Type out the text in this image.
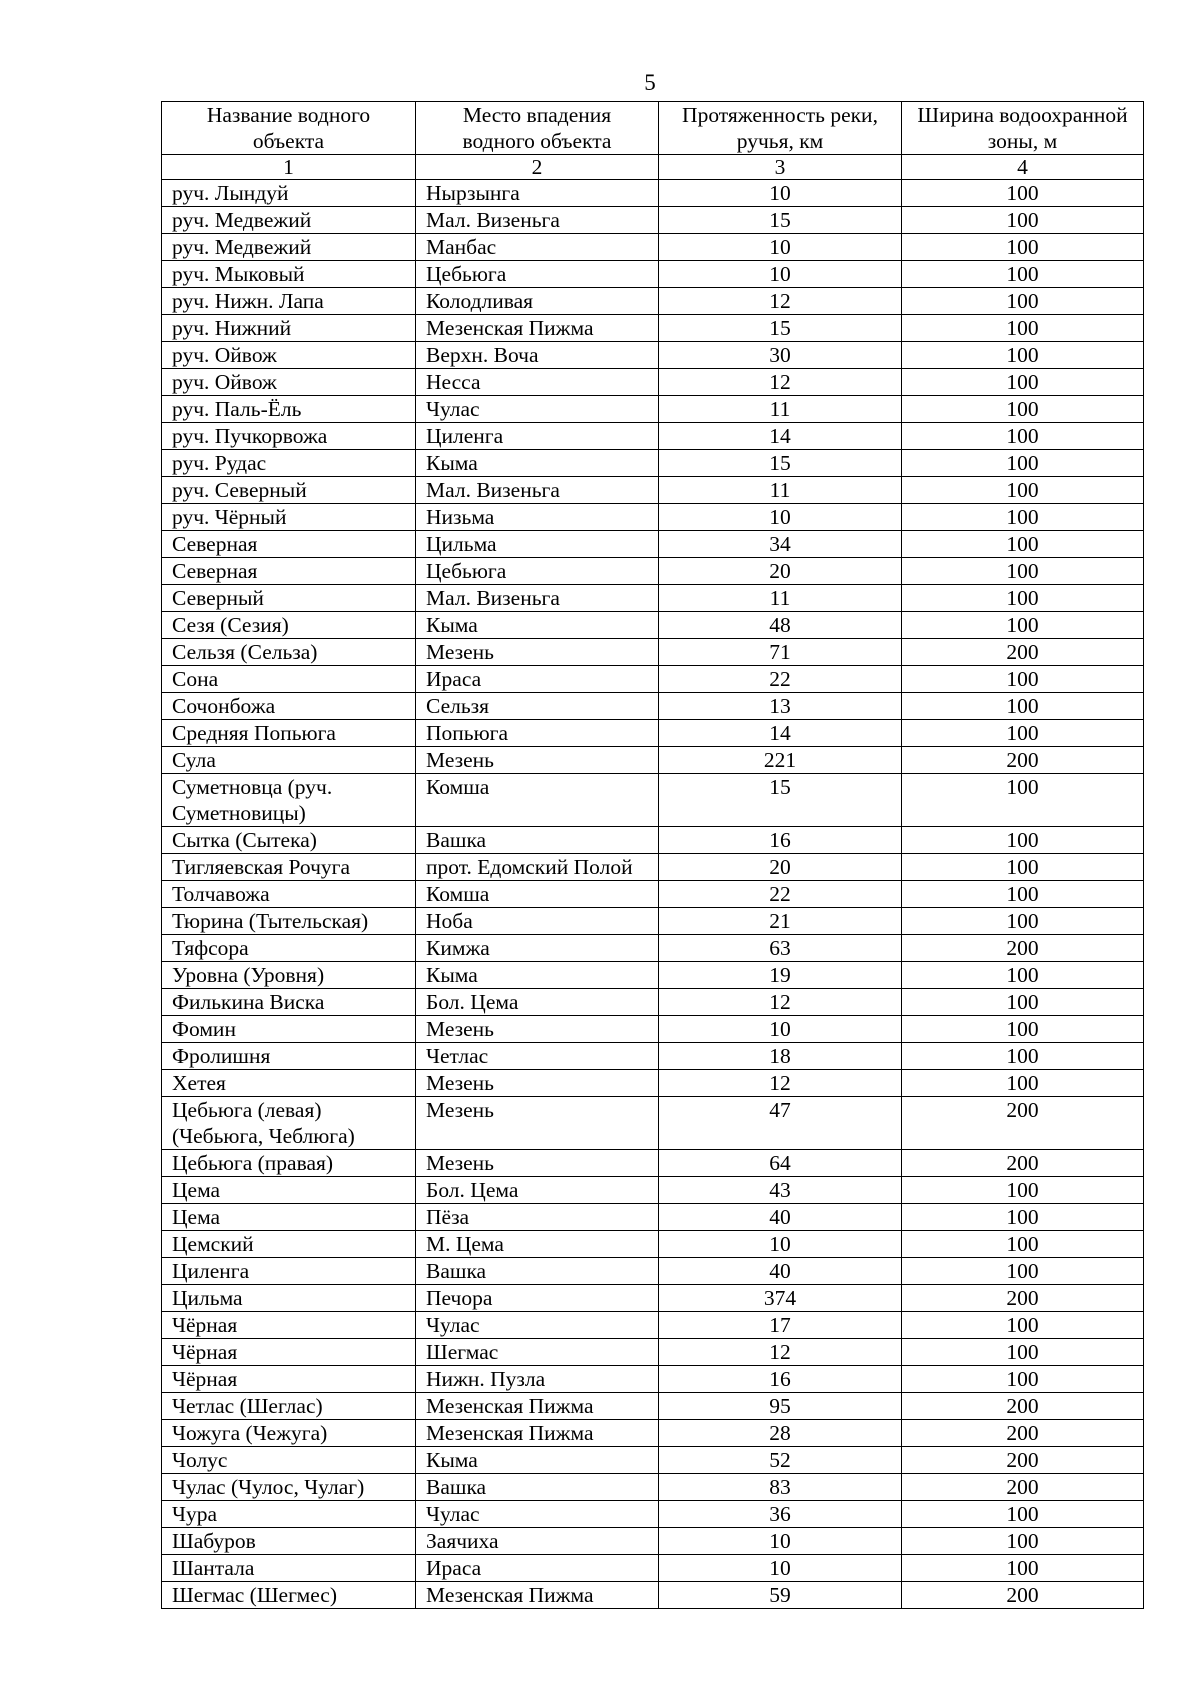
5
Название водного объекта	Место впадения водного объекта	Протяженность реки, ручья, км	Ширина водоохранной зоны, м
1	2	3	4
руч. Лындуй	Нырзынга	10	100
руч. Медвежий	Мал. Визеньга	15	100
руч. Медвежий	Манбас	10	100
руч. Мыковый	Цебьюга	10	100
руч. Нижн. Лапа	Колодливая	12	100
руч. Нижний	Мезенская Пижма	15	100
руч. Ойвож	Верхн. Воча	30	100
руч. Ойвож	Несса	12	100
руч. Паль-Ёль	Чулас	11	100
руч. Пучкорвожа	Циленга	14	100
руч. Рудас	Кыма	15	100
руч. Северный	Мал. Визеньга	11	100
руч. Чёрный	Низьма	10	100
Северная	Цильма	34	100
Северная	Цебьюга	20	100
Северный	Мал. Визеньга	11	100
Сезя (Сезия)	Кыма	48	100
Сельзя (Сельза)	Мезень	71	200
Сона	Ираса	22	100
Сочонбожа	Сельзя	13	100
Средняя Попьюга	Попьюга	14	100
Сула	Мезень	221	200
Суметновца (руч. Суметновицы)	Комша	15	100
Сытка (Сытека)	Вашка	16	100
Тигляевская Рочуга	прот. Едомский Полой	20	100
Толчавожа	Комша	22	100
Тюрина (Тытельская)	Ноба	21	100
Тяфсора	Кимжа	63	200
Уровна (Уровня)	Кыма	19	100
Филькина Виска	Бол. Цема	12	100
Фомин	Мезень	10	100
Фролишня	Четлас	18	100
Хетея	Мезень	12	100
Цебьюга (левая) (Чебьюга, Чеблюга)	Мезень	47	200
Цебьюга (правая)	Мезень	64	200
Цема	Бол. Цема	43	100
Цема	Пёза	40	100
Цемский	М. Цема	10	100
Циленга	Вашка	40	100
Цильма	Печора	374	200
Чёрная	Чулас	17	100
Чёрная	Шегмас	12	100
Чёрная	Нижн. Пузла	16	100
Четлас (Шеглас)	Мезенская Пижма	95	200
Чожуга (Чежуга)	Мезенская Пижма	28	200
Чолус	Кыма	52	200
Чулас (Чулос, Чулаг)	Вашка	83	200
Чура	Чулас	36	100
Шабуров	Заячиха	10	100
Шантала	Ираса	10	100
Шегмас (Шегмес)	Мезенская Пижма	59	200
